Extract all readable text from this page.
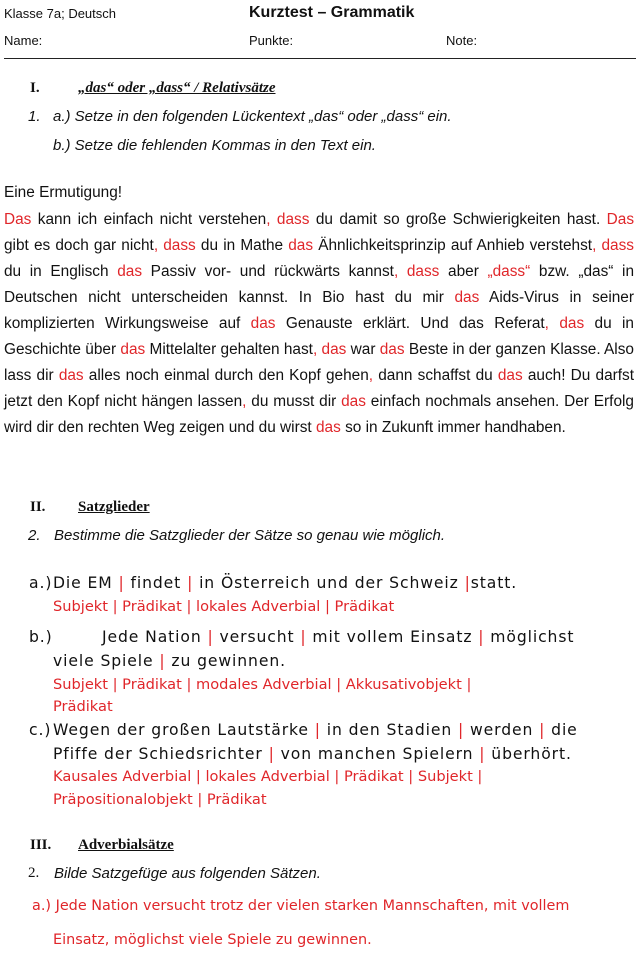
Klasse 7a; Deutsch	Kurztest – Grammatik
Name:	Punkte:	Note:
I.	„das“ oder „dass“ / Relativsätze
1. a.) Setze in den folgenden Lückentext „das“ oder „dass“ ein.
b.) Setze die fehlenden Kommas in den Text ein.
Eine Ermutigung!
Das kann ich einfach nicht verstehen, dass du damit so große Schwierigkeiten hast. Das gibt es doch gar nicht, dass du in Mathe das Ähnlichkeitsprinzip auf Anhieb verstehst, dass du in Englisch das Passiv vor- und rückwärts kannst, dass aber „dass“ bzw. „das“ in Deutschen nicht unterscheiden kannst. In Bio hast du mir das Aids-Virus in seiner komplizierten Wirkungsweise auf das Genauste erklärt. Und das Referat, das du in Geschichte über das Mittelalter gehalten hast, das war das Beste in der ganzen Klasse. Also lass dir das alles noch einmal durch den Kopf gehen, dann schaffst du das auch! Du darfst jetzt den Kopf nicht hängen lassen, du musst dir das einfach nochmals ansehen. Der Erfolg wird dir den rechten Weg zeigen und du wirst das so in Zukunft immer handhaben.
II. Satzglieder
2. Bestimme die Satzglieder der Sätze so genau wie möglich.
a.) Die EM | findet | in Österreich und der Schweiz |statt.
Subjekt | Prädikat | lokales Adverbial | Prädikat
b.)	Jede Nation | versucht | mit vollem Einsatz | möglichst
viele Spiele | zu gewinnen.
Subjekt | Prädikat | modales Adverbial | Akkusativobjekt |
Prädikat
c.) Wegen der großen Lautstärke | in den Stadien | werden | die
Pfiffe der Schiedsrichter | von manchen Spielern | überhört.
Kausales Adverbial | lokales Adverbial | Prädikat | Subjekt |
Präpositionalobjekt | Prädikat
III. Adverbialsätze
2. Bilde Satzgefüge aus folgenden Sätzen.
a.) Jede Nation versucht trotz der vielen starken Mannschaften, mit vollem
Einsatz, möglichst viele Spiele zu gewinnen.
